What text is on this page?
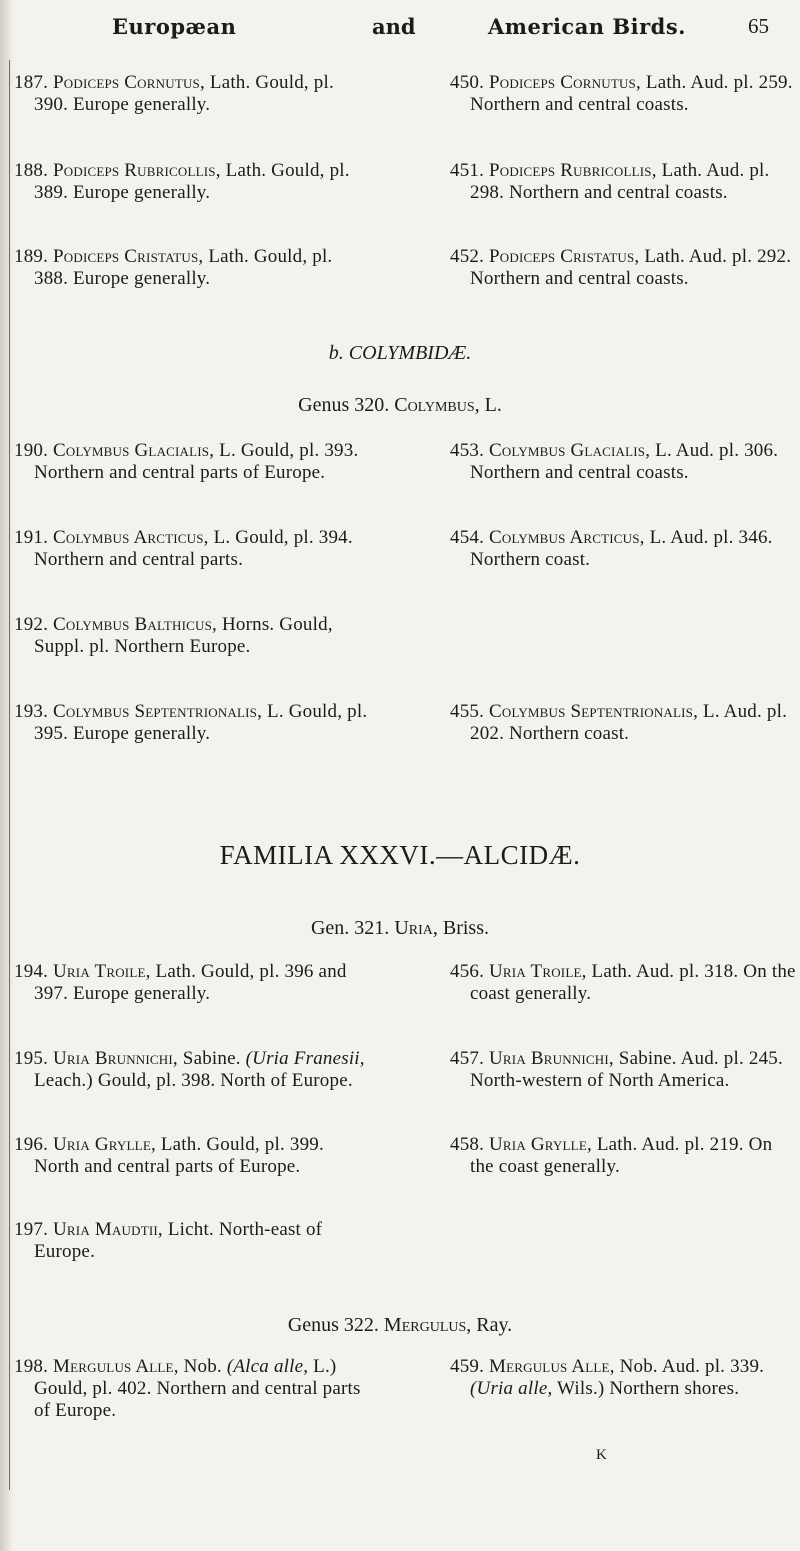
Europæan	and	American Birds.	65
187. Podiceps Cornutus, Lath. Gould, pl. 390. Europe generally.
450. Podiceps Cornutus, Lath. Aud. pl. 259. Northern and central coasts.
188. Podiceps Rubricollis, Lath. Gould, pl. 389. Europe generally.
451. Podiceps Rubricollis, Lath. Aud. pl. 298. Northern and central coasts.
189. Podiceps Cristatus, Lath. Gould, pl. 388. Europe generally.
452. Podiceps Cristatus, Lath. Aud. pl. 292. Northern and central coasts.
b. COLYMBIDÆ.
Genus 320. Colymbus, L.
190. Colymbus Glacialis, L. Gould, pl. 393. Northern and central parts of Europe.
453. Colymbus Glacialis, L. Aud. pl. 306. Northern and central coasts.
191. Colymbus Arcticus, L. Gould, pl. 394. Northern and central parts.
454. Colymbus Arcticus, L. Aud. pl. 346. Northern coast.
192. Colymbus Balthicus, Horns. Gould, Suppl. pl. Northern Europe.
193. Colymbus Septentrionalis, L. Gould, pl. 395. Europe generally.
455. Colymbus Septentrionalis, L. Aud. pl. 202. Northern coast.
FAMILIA XXXVI.—ALCIDÆ.
Gen. 321. Uria, Briss.
194. Uria Troile, Lath. Gould, pl. 396 and 397. Europe generally.
456. Uria Troile, Lath. Aud. pl. 318. On the coast generally.
195. Uria Brunnichi, Sabine. (Uria Franesii, Leach.) Gould, pl. 398. North of Europe.
457. Uria Brunnichi, Sabine. Aud. pl. 245. North-western of North America.
196. Uria Grylle, Lath. Gould, pl. 399. North and central parts of Europe.
458. Uria Grylle, Lath. Aud. pl. 219. On the coast generally.
197. Uria Maudtii, Licht. North-east of Europe.
Genus 322. Mergulus, Ray.
198. Mergulus Alle, Nob. (Alca alle, L.) Gould, pl. 402. Northern and central parts of Europe.
459. Mergulus Alle, Nob. Aud. pl. 339. (Uria alle, Wils.) Northern shores.
K
